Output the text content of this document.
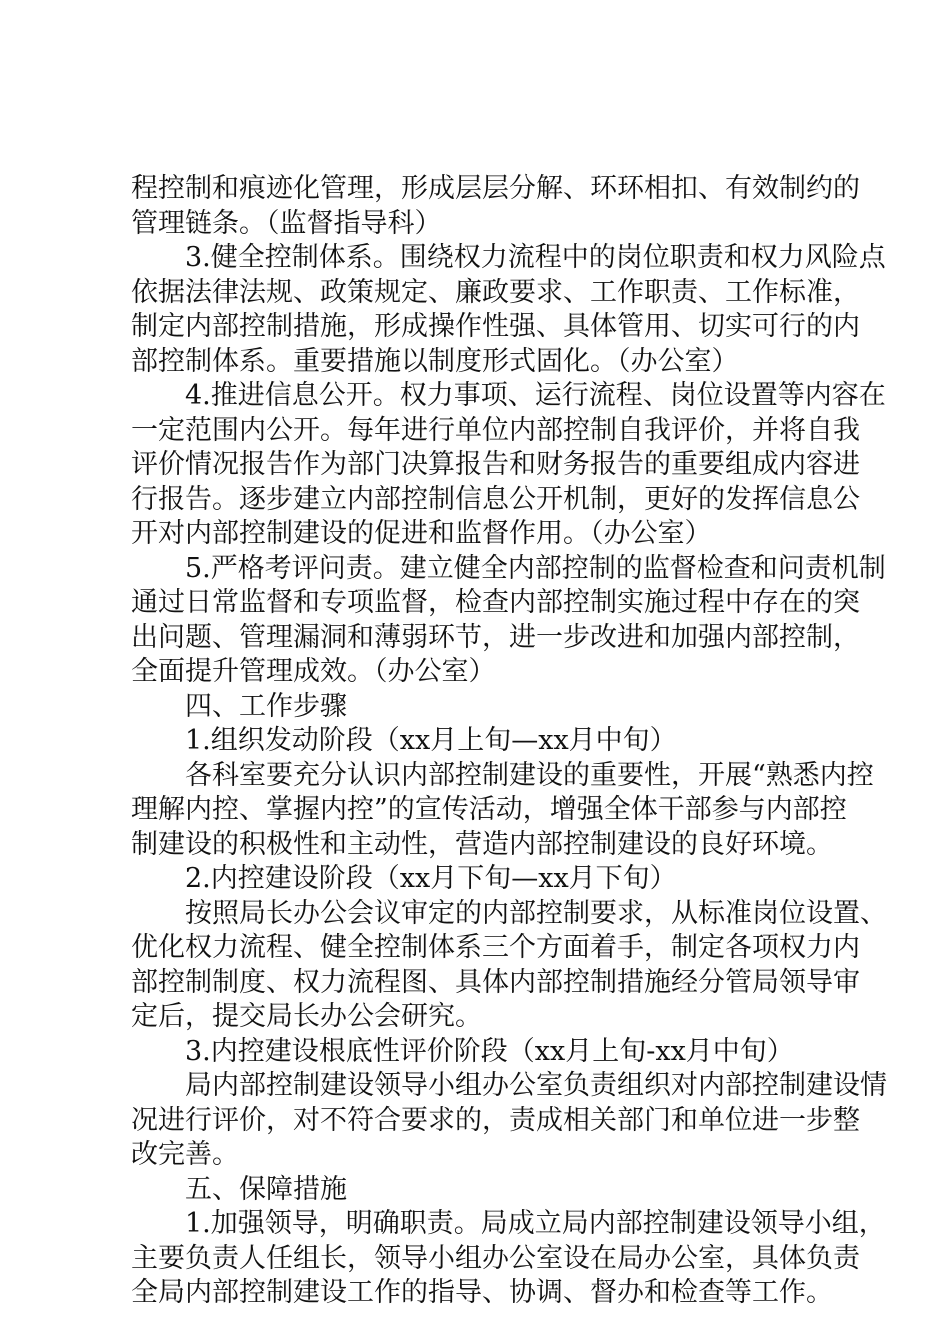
程控制和痕迹化管理，形成层层分解、环环相扣、有效制约的
管理链条。（监督指导科）
3.健全控制体系。围绕权力流程中的岗位职责和权力风险点
依据法律法规、政策规定、廉政要求、工作职责、工作标准，
制定内部控制措施，形成操作性强、具体管用、切实可行的内
部控制体系。重要措施以制度形式固化。（办公室）
4.推进信息公开。权力事项、运行流程、岗位设置等内容在
一定范围内公开。每年进行单位内部控制自我评价，并将自我
评价情况报告作为部门决算报告和财务报告的重要组成内容进
行报告。逐步建立内部控制信息公开机制，更好的发挥信息公
开对内部控制建设的促进和监督作用。（办公室）
5.严格考评问责。建立健全内部控制的监督检查和问责机制
通过日常监督和专项监督，检查内部控制实施过程中存在的突
出问题、管理漏洞和薄弱环节，进一步改进和加强内部控制，
全面提升管理成效。（办公室）
四、工作步骤
1.组织发动阶段（xx月上旬—xx月中旬）
各科室要充分认识内部控制建设的重要性，开展“熟悉内控
理解内控、掌握内控”的宣传活动，增强全体干部参与内部控
制建设的积极性和主动性，营造内部控制建设的良好环境。
2.内控建设阶段（xx月下旬—xx月下旬）
按照局长办公会议审定的内部控制要求，从标准岗位设置、
优化权力流程、健全控制体系三个方面着手，制定各项权力内
部控制制度、权力流程图、具体内部控制措施经分管局领导审
定后，提交局长办公会研究。
3.内控建设根底性评价阶段（xx月上旬-xx月中旬）
局内部控制建设领导小组办公室负责组织对内部控制建设情
况进行评价，对不符合要求的，责成相关部门和单位进一步整
改完善。
五、保障措施
1.加强领导，明确职责。局成立局内部控制建设领导小组，
主要负责人任组长，领导小组办公室设在局办公室，具体负责
全局内部控制建设工作的指导、协调、督办和检查等工作。
